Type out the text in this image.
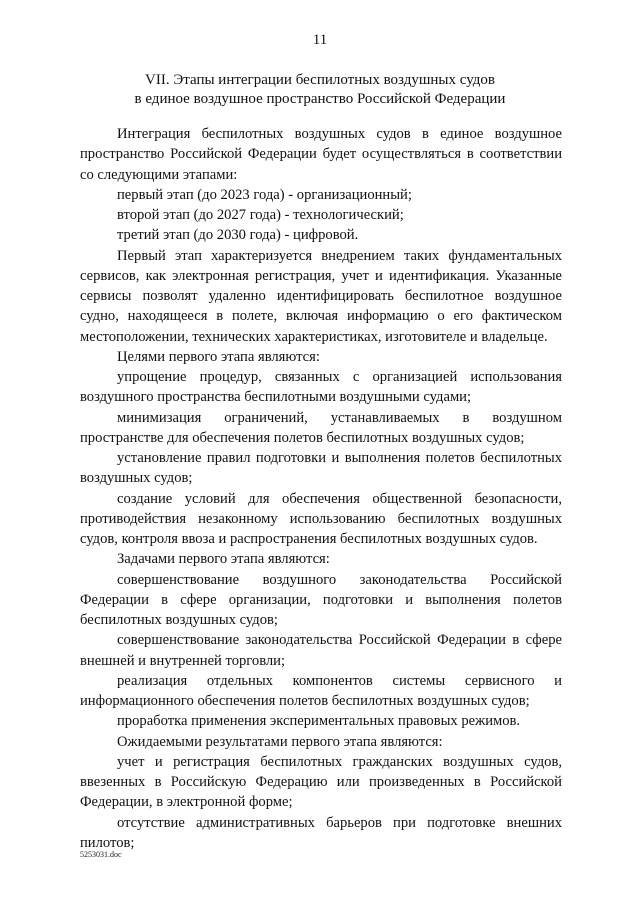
11
VII. Этапы интеграции беспилотных воздушных судов
в единое воздушное пространство Российской Федерации

Интеграция беспилотных воздушных судов в единое воздушное пространство Российской Федерации будет осуществляться в соответствии со следующими этапами:

первый этап (до 2023 года) - организационный;

второй этап (до 2027 года) - технологический;

третий этап (до 2030 года) - цифровой.

Первый этап характеризуется внедрением таких фундаментальных сервисов, как электронная регистрация, учет и идентификация. Указанные сервисы позволят удаленно идентифицировать беспилотное воздушное судно, находящееся в полете, включая информацию о его фактическом местоположении, технических характеристиках, изготовителе и владельце.

Целями первого этапа являются:

упрощение процедур, связанных с организацией использования воздушного пространства беспилотными воздушными судами;

минимизация ограничений, устанавливаемых в воздушном пространстве для обеспечения полетов беспилотных воздушных судов;

установление правил подготовки и выполнения полетов беспилотных воздушных судов;

создание условий для обеспечения общественной безопасности, противодействия незаконному использованию беспилотных воздушных судов, контроля ввоза и распространения беспилотных воздушных судов.

Задачами первого этапа являются:

совершенствование воздушного законодательства Российской Федерации в сфере организации, подготовки и выполнения полетов беспилотных воздушных судов;

совершенствование законодательства Российской Федерации в сфере внешней и внутренней торговли;

реализация отдельных компонентов системы сервисного и информационного обеспечения полетов беспилотных воздушных судов;

проработка применения экспериментальных правовых режимов.

Ожидаемыми результатами первого этапа являются:

учет и регистрация беспилотных гражданских воздушных судов, ввезенных в Российскую Федерацию или произведенных в Российской Федерации, в электронной форме;

отсутствие административных барьеров при подготовке внешних пилотов;

5253031.doc
